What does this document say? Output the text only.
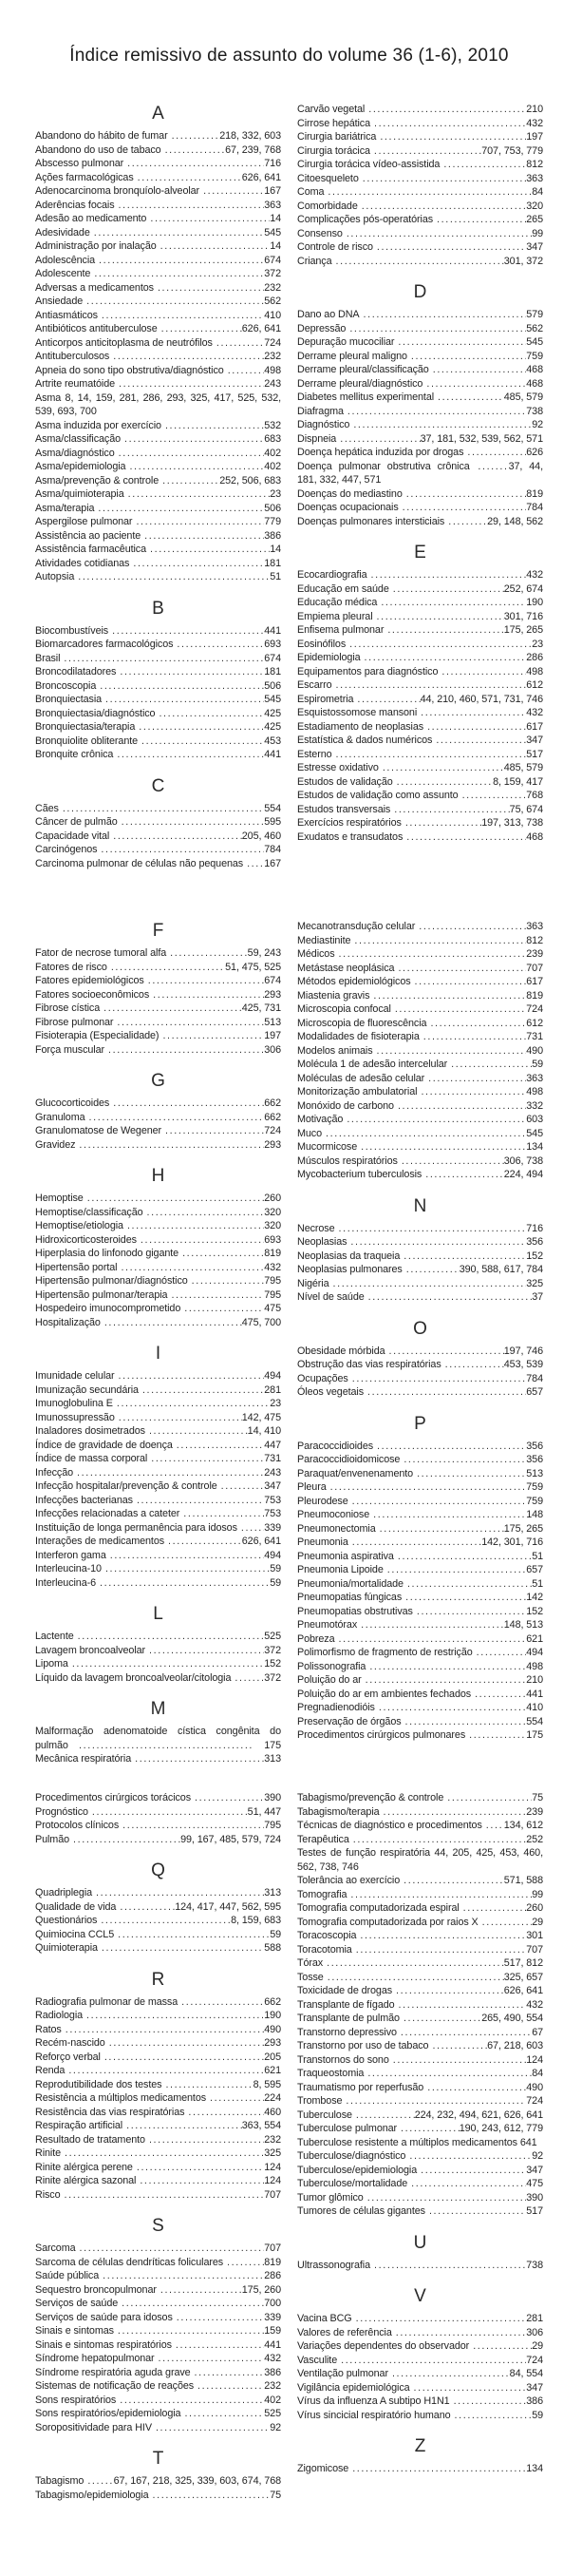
Índice remissivo de assunto do volume 36 (1-6), 2010
A
Abandono do hábito de fumar .....	218, 332, 603
Abandono do uso de tabaco .....	67, 239, 768
Abscesso pulmonar .....	716
Ações farmacológicas .....	626, 641
Adenocarcinoma bronquíolo-alveolar .....	167
Aderências focais .....	363
Adesão ao medicamento .....	14
Adesividade .....	545
Administração por inalação .....	14
Adolescência .....	674
Adolescente .....	372
Adversas a medicamentos .....	232
Ansiedade .....	562
Antiasmáticos .....	410
Antibióticos antituberculose .....	626, 641
Anticorpos anticitoplasma de neutrófilos .....	724
Antituberculosos .....	232
Apneia do sono tipo obstrutiva/diagnóstico .....	498
Artrite reumatóide .....	243
Asma 8, 14, 159, 281, 286, 293, 325, 417, 525, 532, 539, 693, 700
Asma induzida por exercício .....	532
Asma/classificação .....	683
Asma/diagnóstico .....	402
Asma/epidemiologia .....	402
Asma/prevenção & controle .....	252, 506, 683
Asma/quimioterapia .....	23
Asma/terapia .....	506
Aspergilose pulmonar .....	779
Assistência ao paciente .....	386
Assistência farmacêutica .....	14
Atividades cotidianas .....	181
Autopsia .....	51
B
Biocombustíveis .....	441
Biomarcadores farmacológicos .....	693
Brasil .....	674
Broncodilatadores .....	181
Broncoscopia .....	506
Bronquiectasia .....	545
Bronquiectasia/diagnóstico .....	425
Bronquiectasia/terapia .....	425
Bronquiolite obliterante .....	453
Bronquite crônica .....	441
C
Cães .....	554
Câncer de pulmão .....	595
Capacidade vital .....	205, 460
Carcinógenos .....	784
Carcinoma pulmonar de células não pequenas ..... 167
Carvão vegetal .....	210
Cirrose hepática .....	432
Cirurgia bariátrica .....	197
Cirurgia torácica .....	707, 753, 779
Cirurgia torácica vídeo-assistida .....	812
Citoesqueleto .....	363
Coma .....	84
Comorbidade .....	320
Complicações pós-operatórias .....	265
Consenso .....	99
Controle de risco .....	347
Criança .....	301, 372
D
Dano ao DNA .....	579
Depressão .....	562
Depuração mucociliar .....	545
Derrame pleural maligno .....	759
Derrame pleural/classificação .....	468
Derrame pleural/diagnóstico .....	468
Diabetes mellitus experimental .....	485, 579
Diafragma .....	738
Diagnóstico .....	92
Dispneia .....	37, 181, 532, 539, 562, 571
Doença hepática induzida por drogas .....	626
Doença pulmonar obstrutiva crônica .......37, 44, 181, 332, 447, 571
Doenças do mediastino .....	819
Doenças ocupacionais .....	784
Doenças pulmonares intersticiais .....	29, 148, 562
E
Ecocardiografia .....	432
Educação em saúde .....	252, 674
Educação médica .....	190
Empiema pleural .....	301, 716
Enfisema pulmonar .....	175, 265
Eosinófilos .....	23
Epidemiologia .....	286
Equipamentos para diagnóstico .....	498
Escarro .....	612
Espirometria .....	44, 210, 460, 571, 731, 746
Esquistossomose mansoni .....	432
Estadiamento de neoplasias .....	617
Estatística & dados numéricos .....	347
Esterno .....	517
Estresse oxidativo .....	485, 579
Estudos de validação .....	8, 159, 417
Estudos de validação como assunto .....	768
Estudos transversais .....	75, 674
Exercícios respiratórios .....	197, 313, 738
Exudatos e transudatos .....	468
F
Fator de necrose tumoral alfa .....	59, 243
Fatores de risco .....	51, 475, 525
Fatores epidemiológicos .....	674
Fatores socioeconômicos .....	293
Fibrose cística .....	425, 731
Fibrose pulmonar .....	513
Fisioterapia (Especialidade) .....	197
Força muscular .....	306
G
Glucocorticoides .....	662
Granuloma .....	662
Granulomatose de Wegener .....	724
Gravidez .....	293
H
Hemoptise .....	260
Hemoptise/classificação .....	320
Hemoptise/etiologia .....	320
Hidroxicorticosteroides .....	693
Hiperplasia do linfonodo gigante .....	819
Hipertensão portal .....	432
Hipertensão pulmonar/diagnóstico .....	795
Hipertensão pulmonar/terapia .....	795
Hospedeiro imunocomprometido .....	475
Hospitalização .....	475, 700
I
Imunidade celular .....	494
Imunização secundária .....	281
Imunoglobulina E .....	23
Imunossupressão .....	142, 475
Inaladores dosimetrados .....	14, 410
Índice de gravidade de doença .....	447
Índice de massa corporal .....	731
Infecção .....	243
Infecção hospitalar/prevenção & controle .....	347
Infecções bacterianas .....	753
Infecções relacionadas a cateter .....	753
Instituição de longa permanência para idosos .....	339
Interações de medicamentos .....	626, 641
Interferon gama .....	494
Interleucina-10 .....	59
Interleucina-6 .....	59
L
Lactente .....	525
Lavagem broncoalveolar .....	372
Lipoma .....	152
Líquido da lavagem broncoalveolar/citologia .....	372
M
Malformação adenomatoide cística congênita do pulmão ........................................ 175
Mecânica respiratória .....	313
Mecanotransdução celular .....	363
Mediastinite .....	812
Médicos .....	239
Metástase neoplásica .....	707
Métodos epidemiológicos .....	617
Miastenia gravis .....	819
Microscopia confocal .....	724
Microscopia de fluorescência .....	612
Modalidades de fisioterapia .....	731
Modelos animais .....	490
Molécula 1 de adesão intercelular .....	59
Moléculas de adesão celular .....	363
Monitorização ambulatorial .....	498
Monóxido de carbono .....	332
Motivação .....	603
Muco .....	545
Mucormicose .....	134
Músculos respiratórios .....	306, 738
Mycobacterium tuberculosis .....	224, 494
N
Necrose .....	716
Neoplasias .....	356
Neoplasias da traqueia .....	152
Neoplasias pulmonares .....	390, 588, 617, 784
Nigéria .....	325
Nível de saúde .....	37
O
Obesidade mórbida .....	197, 746
Obstrução das vias respiratórias .....	453, 539
Ocupações .....	784
Óleos vegetais .....	657
P
Paracoccidioides .....	356
Paracoccidioidomicose .....	356
Paraquat/envenenamento .....	513
Pleura .....	759
Pleurodese .....	759
Pneumoconiose .....	148
Pneumonectomia .....	175, 265
Pneumonia .....	142, 301, 716
Pneumonia aspirativa .....	51
Pneumonia Lipoide .....	657
Pneumonia/mortalidade .....	51
Pneumopatias fúngicas .....	142
Pneumopatias obstrutivas .....	152
Pneumotórax .....	148, 513
Pobreza .....	621
Polimorfismo de fragmento de restrição .....	494
Polissonografia .....	498
Poluição do ar .....	210
Poluição do ar em ambientes fechados .....	441
Pregnadienodióis .....	410
Preservação de órgãos .....	554
Procedimentos cirúrgicos pulmonares .....	175
Procedimentos cirúrgicos torácicos .....	390
Prognóstico .....	51, 447
Protocolos clínicos .....	795
Pulmão .....	99, 167, 485, 579, 724
Q
Quadriplegia .....	313
Qualidade de vida .....	124, 417, 447, 562, 595
Questionários .....	8, 159, 683
Quimiocina CCL5 .....	59
Quimioterapia .....	588
R
Radiografia pulmonar de massa .....	662
Radiologia .....	190
Ratos .....	490
Recém-nascido .....	293
Reforço verbal .....	205
Renda .....	621
Reprodutibilidade dos testes .....	8, 595
Resistência a múltiplos medicamentos .....	224
Resistência das vias respiratórias .....	460
Respiração artificial .....	363, 554
Resultado de tratamento .....	232
Rinite .....	325
Rinite alérgica perene .....	124
Rinite alérgica sazonal .....	124
Risco .....	707
S
Sarcoma .....	707
Sarcoma de células dendríticas foliculares .....	819
Saúde pública .....	286
Sequestro broncopulmonar .....	175, 260
Serviços de saúde .....	700
Serviços de saúde para idosos .....	339
Sinais e sintomas .....	159
Sinais e sintomas respiratórios .....	441
Síndrome hepatopulmonar .....	432
Síndrome respiratória aguda grave .....	386
Sistemas de notificação de reações .....	232
Sons respiratórios .....	402
Sons respiratórios/epidemiologia .....	525
Soropositividade para HIV .....	92
T
Tabagismo .....	67, 167, 218, 325, 339, 603, 674, 768
Tabagismo/epidemiologia .....	75
Tabagismo/prevenção & controle .....	75
Tabagismo/terapia .....	239
Técnicas de diagnóstico e procedimentos ..... 134, 612
Terapêutica .....	252
Testes de função respiratória 44, 205, 425, 453, 460, 562, 738, 746
Tolerância ao exercício .....	571, 588
Tomografia .....	99
Tomografia computadorizada espiral .....	260
Tomografia computadorizada por raios X .....	29
Toracoscopia .....	301
Toracotomia .....	707
Tórax .....	517, 812
Tosse .....	325, 657
Toxicidade de drogas .....	626, 641
Transplante de fígado .....	432
Transplante de pulmão .....	265, 490, 554
Transtorno depressivo .....	67
Transtorno por uso de tabaco .....	67, 218, 603
Transtornos do sono .....	124
Traqueostomia .....	84
Traumatismo por reperfusão .....	490
Trombose .....	724
Tuberculose .....	224, 232, 494, 621, 626, 641
Tuberculose pulmonar .....	190, 243, 612, 779
Tuberculose resistente a múltiplos medicamentos 641
Tuberculose/diagnóstico .....	92
Tuberculose/epidemiologia .....	347
Tuberculose/mortalidade .....	475
Tumor glômico .....	390
Tumores de células gigantes .....	517
U
Ultrassonografia .....	738
V
Vacina BCG .....	281
Valores de referência .....	306
Variações dependentes do observador .....	29
Vasculite .....	724
Ventilação pulmonar .....	84, 554
Vigilância epidemiológica .....	347
Vírus da influenza A subtipo H1N1 .....	386
Vírus sincicial respiratório humano .....	59
Z
Zigomicose .....	134
